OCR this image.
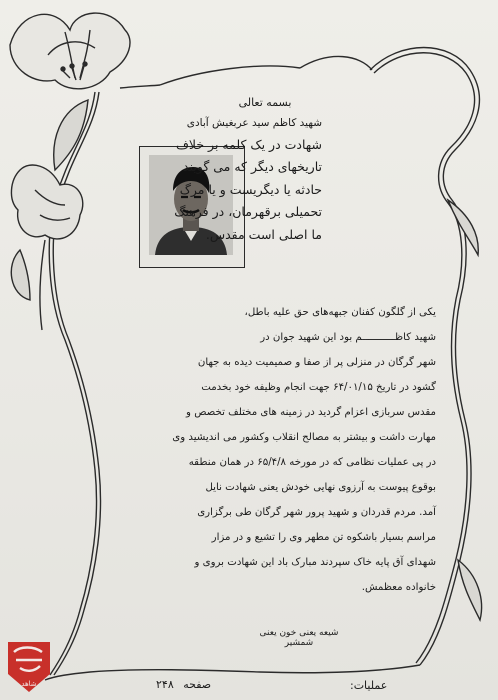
بسمه تعالی
شهید کاظم سید عربغیش آبادی
شهادت در یک کلمه بر خلاف
تاریخهای دیگر که می گویند
حادثه یا دیگریست و یا مرگ
تحمیلی برقهرمان، در فرهنگ
ما اصلی است مقدس.
یکی از گلگون کفنان جبهه‌های حق علیه باطل،
شهید کاظـــــــــــم بود این شهید جوان در
شهر گرگان در منزلی پر از صفا و صمیمیت دیده به جهان
گشود در تاریخ ۶۴/۰۱/۱۵ جهت انجام وظیفه خود بخدمت
مقدس سربازی اعزام گردید در زمینه های مختلف تخصص و
مهارت داشت و بیشتر به مصالح انقلاب وکشور می اندیشید وی
در پی عملیات نظامی که در مورخه ۶۵/۴/۸ در همان منطقه
بوقوع پیوست به آرزوی نهایی خودش یعنی شهادت نایل
آمد. مردم قدردان و شهید پرور شهر گرگان طی برگزاری
مراسم بسیار باشکوه تن مطهر وی را تشیع و در مزار
شهدای آق پایه خاک سپردند مبارک باد این شهادت بروی و
خانواده معظمش.
شیعه یعنی خون یعنی شمشیر
عملیات:
صفحه ۲۴۸
شاهد
